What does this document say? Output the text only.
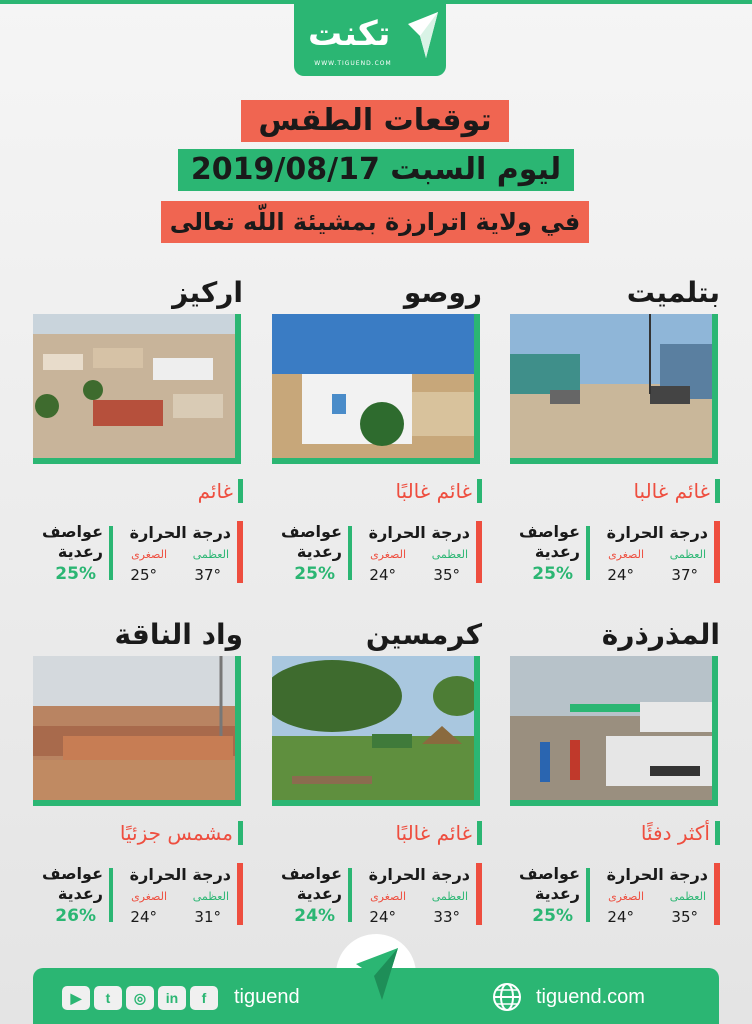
تكنت
WWW.TIGUEND.COM
توقعات الطقس
ليوم السبت 2019/08/17
في ولاية اترارزة بمشيئة اللّه تعالى
بتلميت
غائم غالبا
درجة الحرارة
العظمى
الصغرى
37°
24°
عواصف رعدية
25%
روصو
غائم غالبًا
درجة الحرارة
العظمى
الصغرى
35°
24°
عواصف رعدية
25%
اركيز
غائم
درجة الحرارة
العظمى
الصغرى
37°
25°
عواصف رعدية
25%
المذرذرة
أكثر دفئًا
درجة الحرارة
العظمى
الصغرى
35°
24°
عواصف رعدية
25%
كرمسين
غائم غالبًا
درجة الحرارة
العظمى
الصغرى
33°
24°
عواصف رعدية
24%
واد الناقة
مشمس جزئيًا
درجة الحرارة
العظمى
الصغرى
31°
24°
عواصف رعدية
26%
▶	t	◎	in	f	tiguend	tiguend.com
